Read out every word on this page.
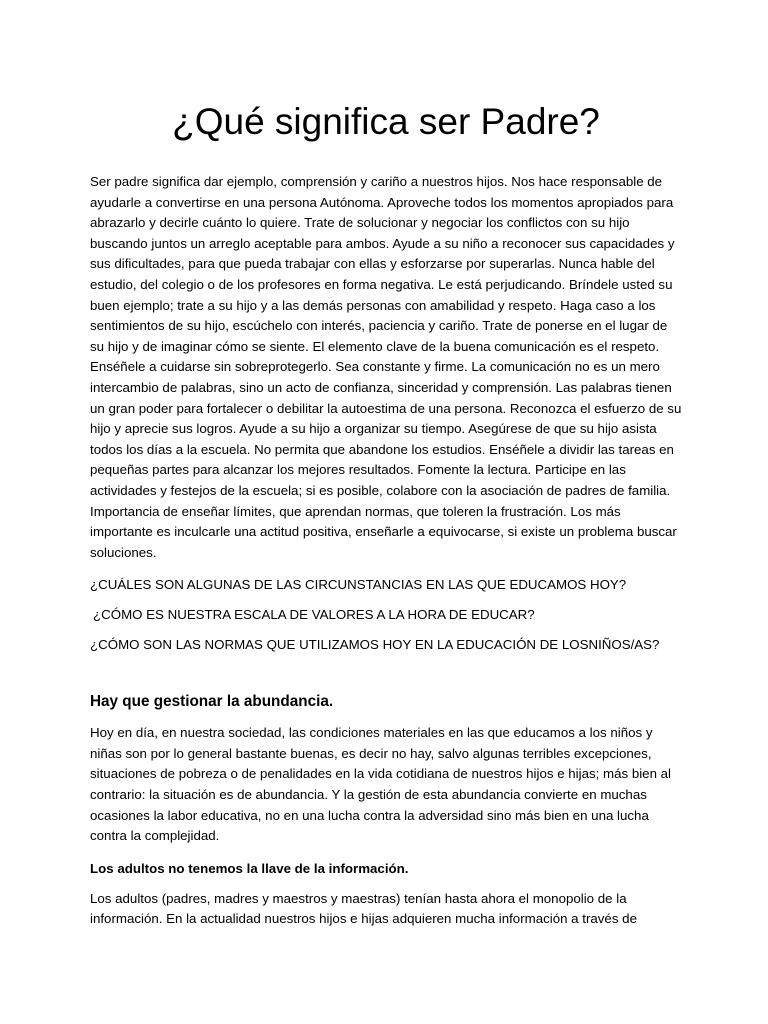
¿Qué significa ser Padre?

Ser padre significa dar ejemplo, comprensión y cariño a nuestros hijos. Nos hace responsable de ayudarle a convertirse en una persona Autónoma. Aproveche todos los momentos apropiados para abrazarlo y decirle cuánto lo quiere. Trate de solucionar y negociar los conflictos con su hijo buscando juntos un arreglo aceptable para ambos. Ayude a su niño a reconocer sus capacidades y sus dificultades, para que pueda trabajar con ellas y esforzarse por superarlas. Nunca hable del estudio, del colegio o de los profesores en forma negativa. Le está perjudicando. Bríndele usted su buen ejemplo; trate a su hijo y a las demás personas con amabilidad y respeto. Haga caso a los sentimientos de su hijo, escúchelo con interés, paciencia y cariño. Trate de ponerse en el lugar de su hijo y de imaginar cómo se siente. El elemento clave de la buena comunicación es el respeto. Enséñele a cuidarse sin sobreprotegerlo. Sea constante y firme. La comunicación no es un mero intercambio de palabras, sino un acto de confianza, sinceridad y comprensión. Las palabras tienen un gran poder para fortalecer o debilitar la autoestima de una persona. Reconozca el esfuerzo de su hijo y aprecie sus logros. Ayude a su hijo a organizar su tiempo. Asegúrese de que su hijo asista todos los días a la escuela. No permita que abandone los estudios. Enséñele a dividir las tareas en pequeñas partes para alcanzar los mejores resultados. Fomente la lectura. Participe en las actividades y festejos de la escuela; si es posible, colabore con la asociación de padres de familia. Importancia de enseñar límites, que aprendan normas, que toleren la frustración. Los más importante es inculcarle una actitud positiva, enseñarle a equivocarse, si existe un problema buscar soluciones.

¿CUÁLES SON ALGUNAS DE LAS CIRCUNSTANCIAS EN LAS QUE EDUCAMOS HOY?

¿CÓMO ES NUESTRA ESCALA DE VALORES A LA HORA DE EDUCAR?

¿CÓMO SON LAS NORMAS QUE UTILIZAMOS HOY EN LA EDUCACIÓN DE LOSNIÑOS/AS?

Hay que gestionar la abundancia.

Hoy en día, en nuestra sociedad, las condiciones materiales en las que educamos a los niños y niñas son por lo general bastante buenas, es decir no hay, salvo algunas terribles excepciones, situaciones de pobreza o de penalidades en la vida cotidiana de nuestros hijos e hijas; más bien al contrario: la situación es de abundancia. Y la gestión de esta abundancia convierte en muchas ocasiones la labor educativa, no en una lucha contra la adversidad sino más bien en una lucha contra la complejidad.

Los adultos no tenemos la llave de la información.

Los adultos (padres, madres y maestros y maestras) tenían hasta ahora el monopolio de la información. En la actualidad nuestros hijos e hijas adquieren mucha información a través de
